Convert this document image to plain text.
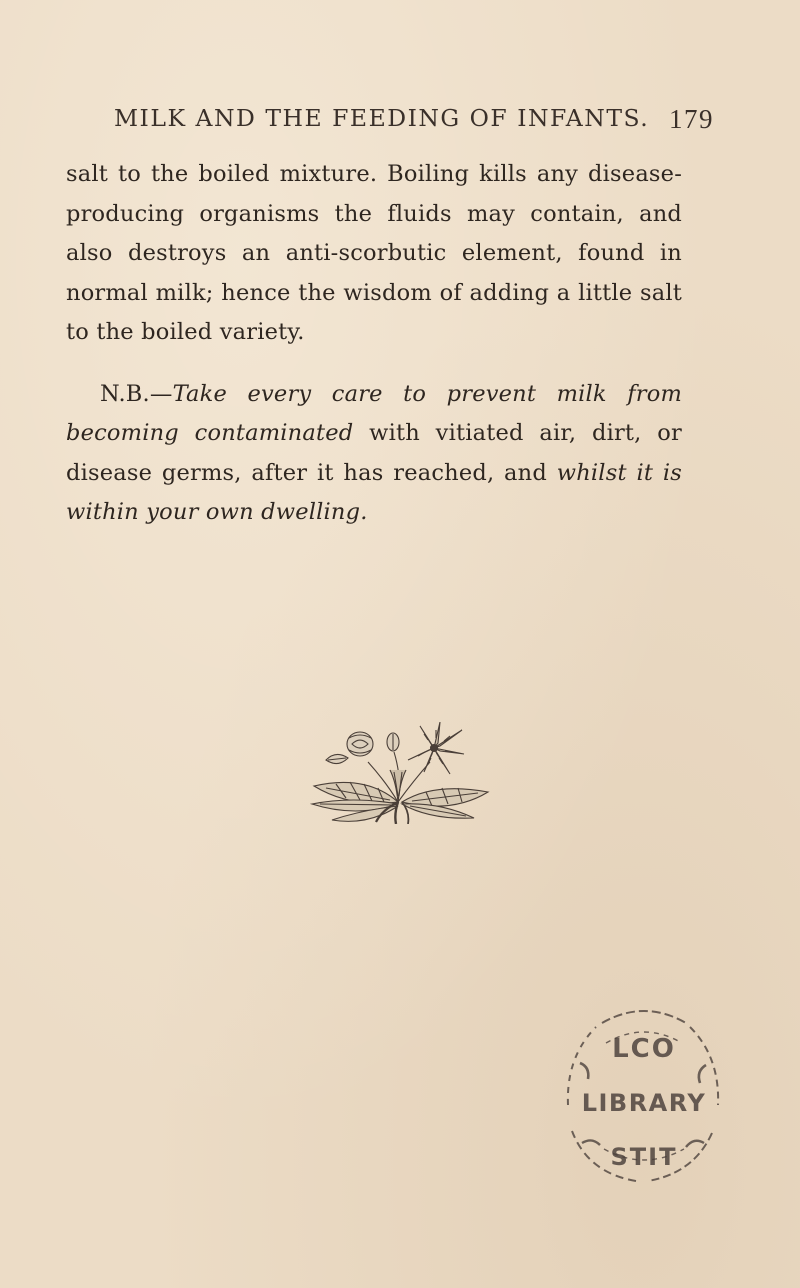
MILK AND THE FEEDING OF INFANTS. 179

salt to the boiled mixture. Boiling kills any disease-producing organisms the fluids may contain, and also destroys an anti-scorbutic element, found in normal milk; hence the wisdom of adding a little salt to the boiled variety.

N.B.—Take every care to prevent milk from becoming contaminated with vitiated air, dirt, or disease germs, after it has reached, and whilst it is within your own dwelling.

LCO
LIBRARY
STIT
